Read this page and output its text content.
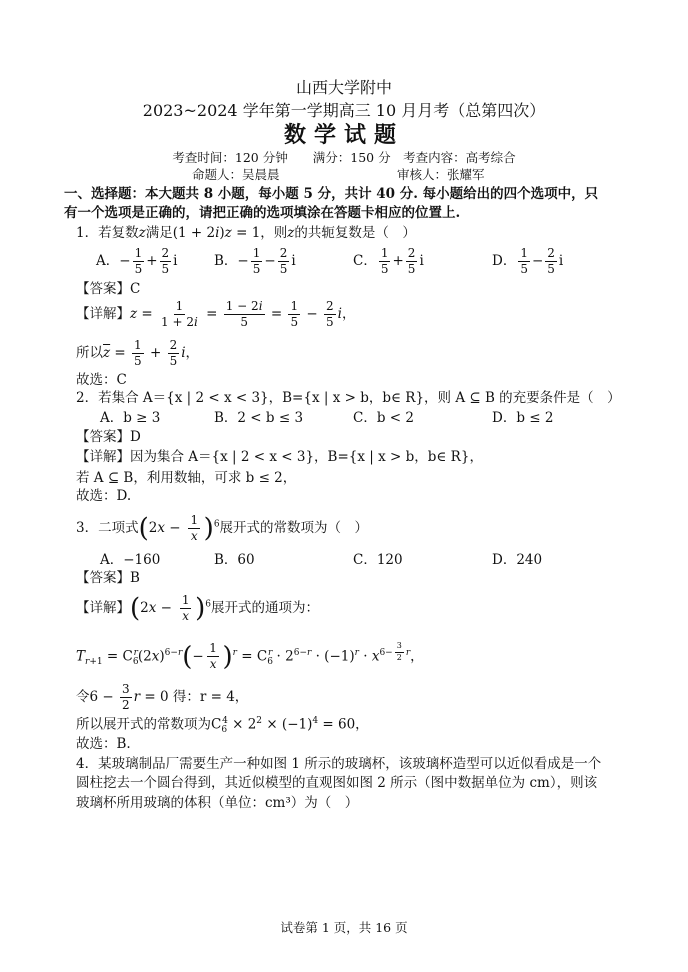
山西大学附中
2023~2024 学年第一学期高三 10 月月考（总第四次）
数学试题
考查时间：120 分钟　　满分：150 分　考查内容：高考综合
命题人：吴晨晨	审核人：张耀军
一、选择题：本大题共 8 小题，每小题 5 分，共计 40 分. 每小题给出的四个选项中，只
有一个选项是正确的，请把正确的选项填涂在答题卡相应的位置上.
1．若复数z满足(1 + 2i)z = 1，则z的共轭复数是（　）
A．− $\frac{1}{5} + \frac{2}{5}$ i	B．− $\frac{1}{5} - \frac{2}{5}$ i	C． $\frac{1}{5} + \frac{2}{5}$ i	D． $\frac{1}{5} - \frac{2}{5}$ i
【答案】C
【详解】$z = \frac{1}{1 + 2i} = \frac{1 - 2i}{5} = \frac{1}{5} - \frac{2}{5}$ i，
所以$\overline{z} = \frac{1}{5} + \frac{2}{5}$ i，
故选：C
2．若集合 A＝{x | 2 < x < 3}，B={x | x > b，b∈ R}，则 A ⊆ B 的充要条件是（　）
A．b ≥ 3	B．2 < b ≤ 3	C．b < 2	D．b ≤ 2
【答案】D
【详解】因为集合 A＝{x | 2 < x < 3}，B={x | x > b，b∈ R}，
若 A ⊆ B，利用数轴，可求 b ≤ 2，
故选：D.
3．二项式$(2x - \frac{1}{x} )^6$展开式的常数项为（　）
A．−160	B．60	C．120	D．240
【答案】B
【详解】$(2x - \frac{1}{x} )^6$展开式的通项为：
$T_{r+1} = C_6^r(2x)^{6-r}(- \frac{1}{x} )^r = C_6^r \cdot 2^{6-r} \cdot (-1)^r \cdot x^{6- \frac{3}{2} r}$，
令$6 - \frac{3}{2}$ r = 0 得：r = 4，
所以展开式的常数项为$C_6^4 \times 2^2 \times (-1)^4 = 60$，
故选：B.
4．某玻璃制品厂需要生产一种如图 1 所示的玻璃杯，该玻璃杯造型可以近似看成是一个
圆柱挖去一个圆台得到，其近似模型的直观图如图 2 所示（图中数据单位为 cm），则该
玻璃杯所用玻璃的体积（单位：cm³）为（　）
试卷第 1 页，共 16 页
